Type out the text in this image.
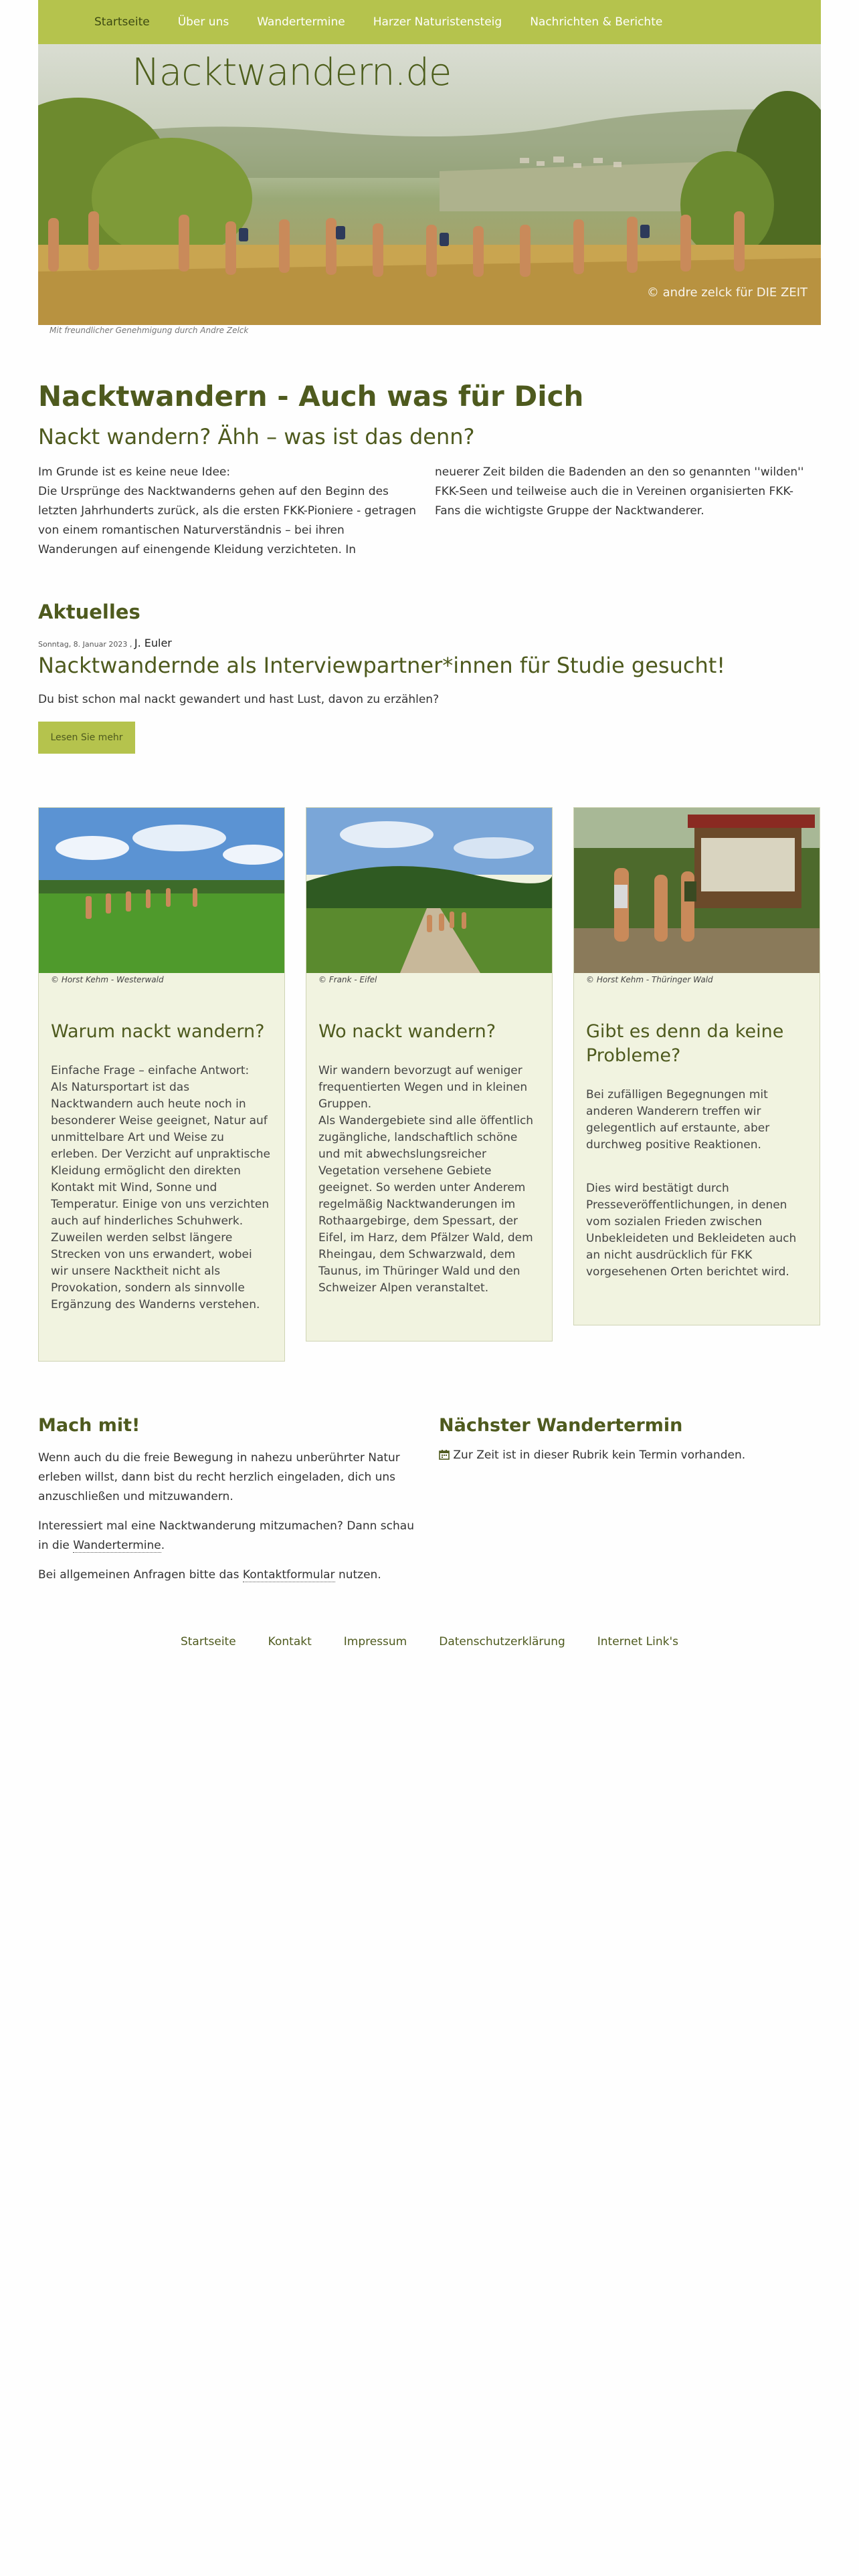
Startseite Über uns Wandertermine Harzer Naturistensteig Nachrichten & Berichte
Nacktwandern.de
© andre zelck für DIE ZEIT
Mit freundlicher Genehmigung durch Andre Zelck
Nacktwandern - Auch was für Dich
Nackt wandern? Ähh – was ist das denn?
Im Grunde ist es keine neue Idee:
Die Ursprünge des Nacktwanderns gehen auf den Beginn des letzten Jahrhunderts zurück, als die ersten FKK-Pioniere - getragen von einem romantischen Naturverständnis – bei ihren Wanderungen auf einengende Kleidung verzichteten. In
neuerer Zeit bilden die Badenden an den so genannten ''wilden'' FKK-Seen und teilweise auch die in Vereinen organisierten FKK-Fans die wichtigste Gruppe der Nacktwanderer.
Aktuelles
Sonntag, 8. Januar 2023 , J. Euler
Nacktwandernde als Interviewpartner*innen für Studie gesucht!
Du bist schon mal nackt gewandert und hast Lust, davon zu erzählen?
Lesen Sie mehr
© Horst Kehm - Westerwald
Warum nackt wandern?

Einfache Frage – einfache Antwort:
Als Natursportart ist das Nacktwandern auch heute noch in besonderer Weise geeignet, Natur auf unmittelbare Art und Weise zu erleben. Der Verzicht auf unpraktische Kleidung ermöglicht den direkten Kontakt mit Wind, Sonne und Temperatur. Einige von uns verzichten auch auf hinderliches Schuhwerk. Zuweilen werden selbst längere Strecken von uns erwandert, wobei wir unsere Nacktheit nicht als Provokation, sondern als sinnvolle Ergänzung des Wanderns verstehen.

© Frank - Eifel
Wo nackt wandern?

Wir wandern bevorzugt auf weniger frequentierten Wegen und in kleinen Gruppen.
Als Wandergebiete sind alle öffentlich zugängliche, landschaftlich schöne und mit abwechslungsreicher Vegetation versehene Gebiete geeignet. So werden unter Anderem regelmäßig Nacktwanderungen im Rothaargebirge, dem Spessart, der Eifel, im Harz, dem Pfälzer Wald, dem Rheingau, dem Schwarzwald, dem Taunus, im Thüringer Wald und den Schweizer Alpen veranstaltet.

© Horst Kehm - Thüringer Wald
Gibt es denn da keine Probleme?

Bei zufälligen Begegnungen mit anderen Wanderern treffen wir gelegentlich auf erstaunte, aber durchweg positive Reaktionen.

Dies wird bestätigt durch Presseveröffentlichungen, in denen vom sozialen Frieden zwischen Unbekleideten und Bekleideten auch an nicht ausdrücklich für FKK vorgesehenen Orten berichtet wird.

Mach mit!

Wenn auch du die freie Bewegung in nahezu unberührter Natur erleben willst, dann bist du recht herzlich eingeladen, dich uns anzuschließen und mitzuwandern.

Interessiert mal eine Nacktwanderung mitzumachen? Dann schau in die Wandertermine.

Bei allgemeinen Anfragen bitte das Kontaktformular nutzen.

Nächster Wandertermin
Zur Zeit ist in dieser Rubrik kein Termin vorhanden.
Startseite	Kontakt	Impressum	Datenschutzerklärung	Internet Link's
